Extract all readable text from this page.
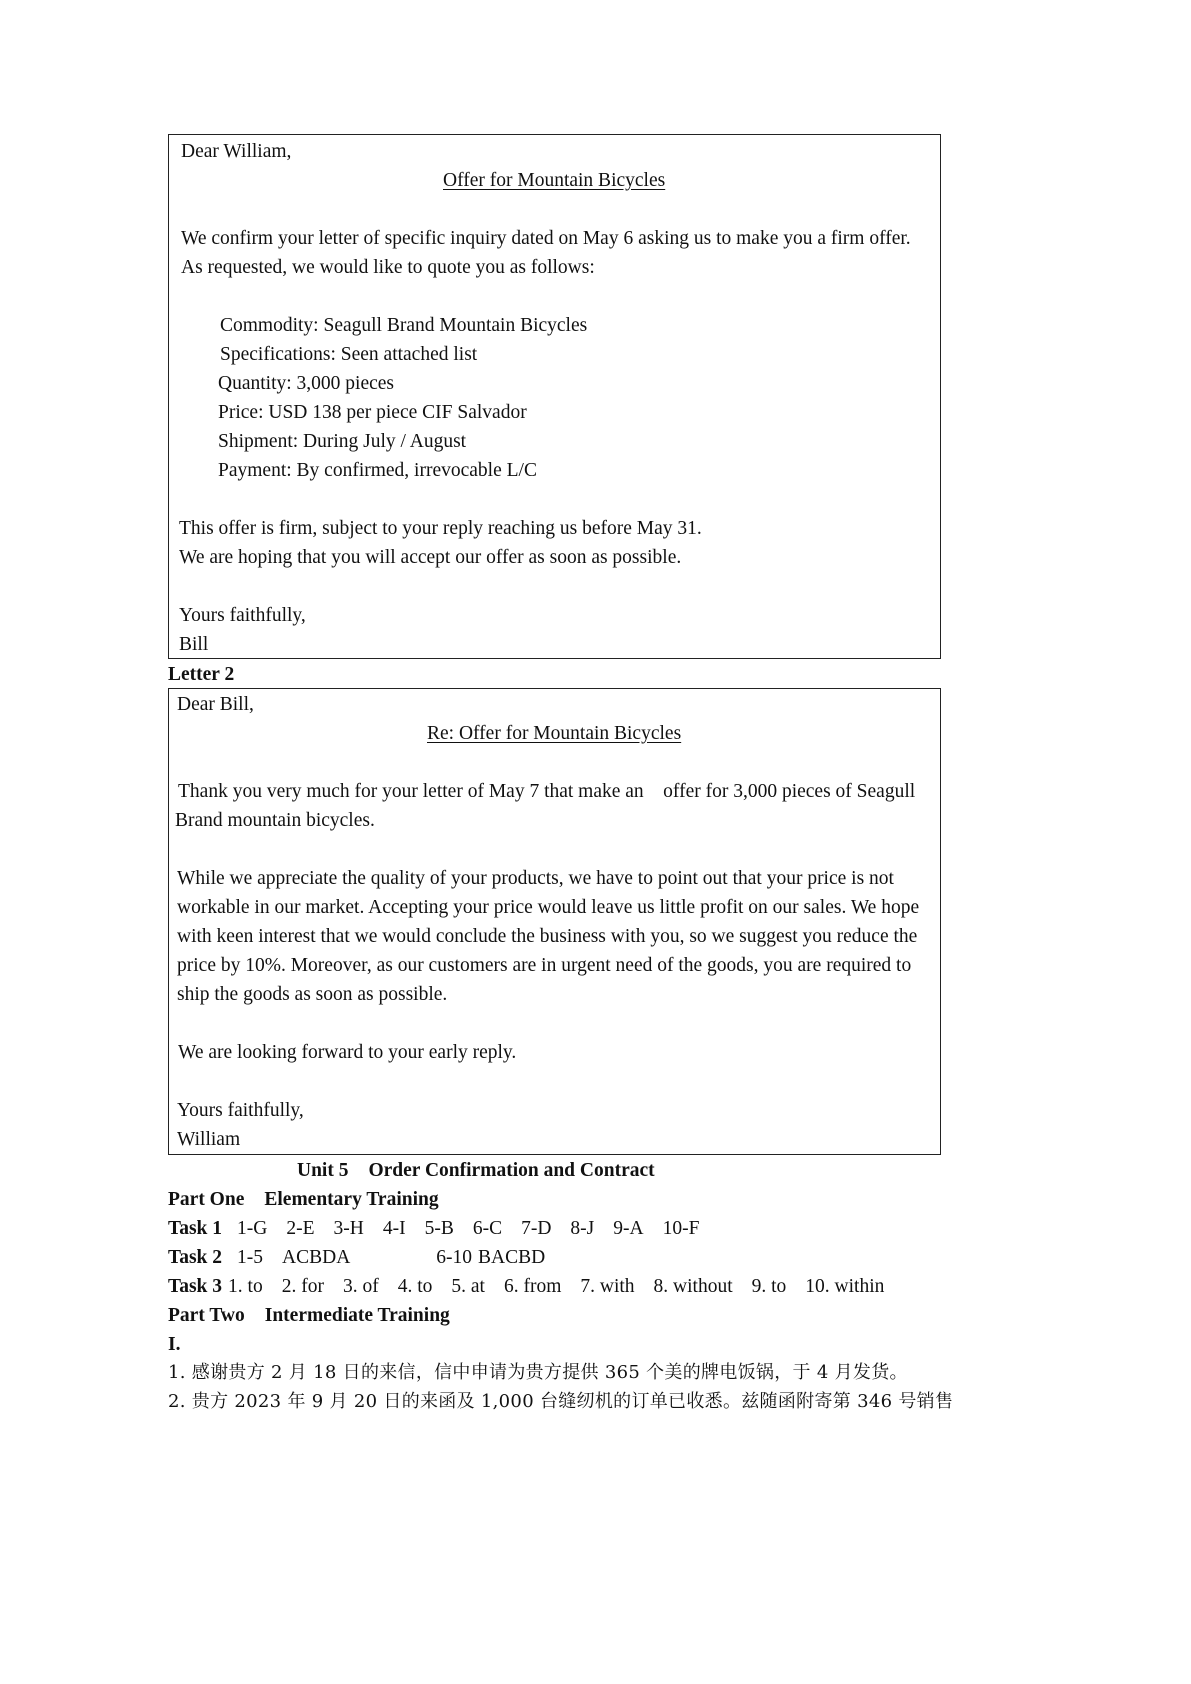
Dear William,
Offer for Mountain Bicycles
We confirm your letter of specific inquiry dated on May 6 asking us to make you a firm offer.
As requested, we would like to quote you as follows:
Commodity: Seagull Brand Mountain Bicycles
Specifications: Seen attached list
Quantity: 3,000 pieces
Price: USD 138 per piece CIF Salvador
Shipment: During July / August
Payment: By confirmed, irrevocable L/C
This offer is firm, subject to your reply reaching us before May 31.
We are hoping that you will accept our offer as soon as possible.
Yours faithfully,
Bill
Letter 2
Dear Bill,
Re: Offer for Mountain Bicycles
Thank you very much for your letter of May 7 that make an    offer for 3,000 pieces of Seagull
Brand mountain bicycles.
While we appreciate the quality of your products, we have to point out that your price is not
workable in our market. Accepting your price would leave us little profit on our sales. We hope
with keen interest that we would conclude the business with you, so we suggest you reduce the
price by 10%. Moreover, as our customers are in urgent need of the goods, you are required to
ship the goods as soon as possible.
We are looking forward to your early reply.
Yours faithfully,
William
Unit 5 Order Confirmation and Contract
Part One Elementary Training
Task 1 1-G 2-E 3-H 4-I 5-B 6-C 7-D 8-J 9-A 10-F
Task 2 1-5 ACBDA	6-10 BACBD
Task 3 1. to 2. for 3. of 4. to 5. at 6. from 7. with 8. without 9. to 10. within
Part Two Intermediate Training
I.
1. 感谢贵方 2 月 18 日的来信，信中申请为贵方提供 365 个美的牌电饭锅，于 4 月发货。
2. 贵方 2023 年 9 月 20 日的来函及 1,000 台缝纫机的订单已收悉。兹随函附寄第 346 号销售
